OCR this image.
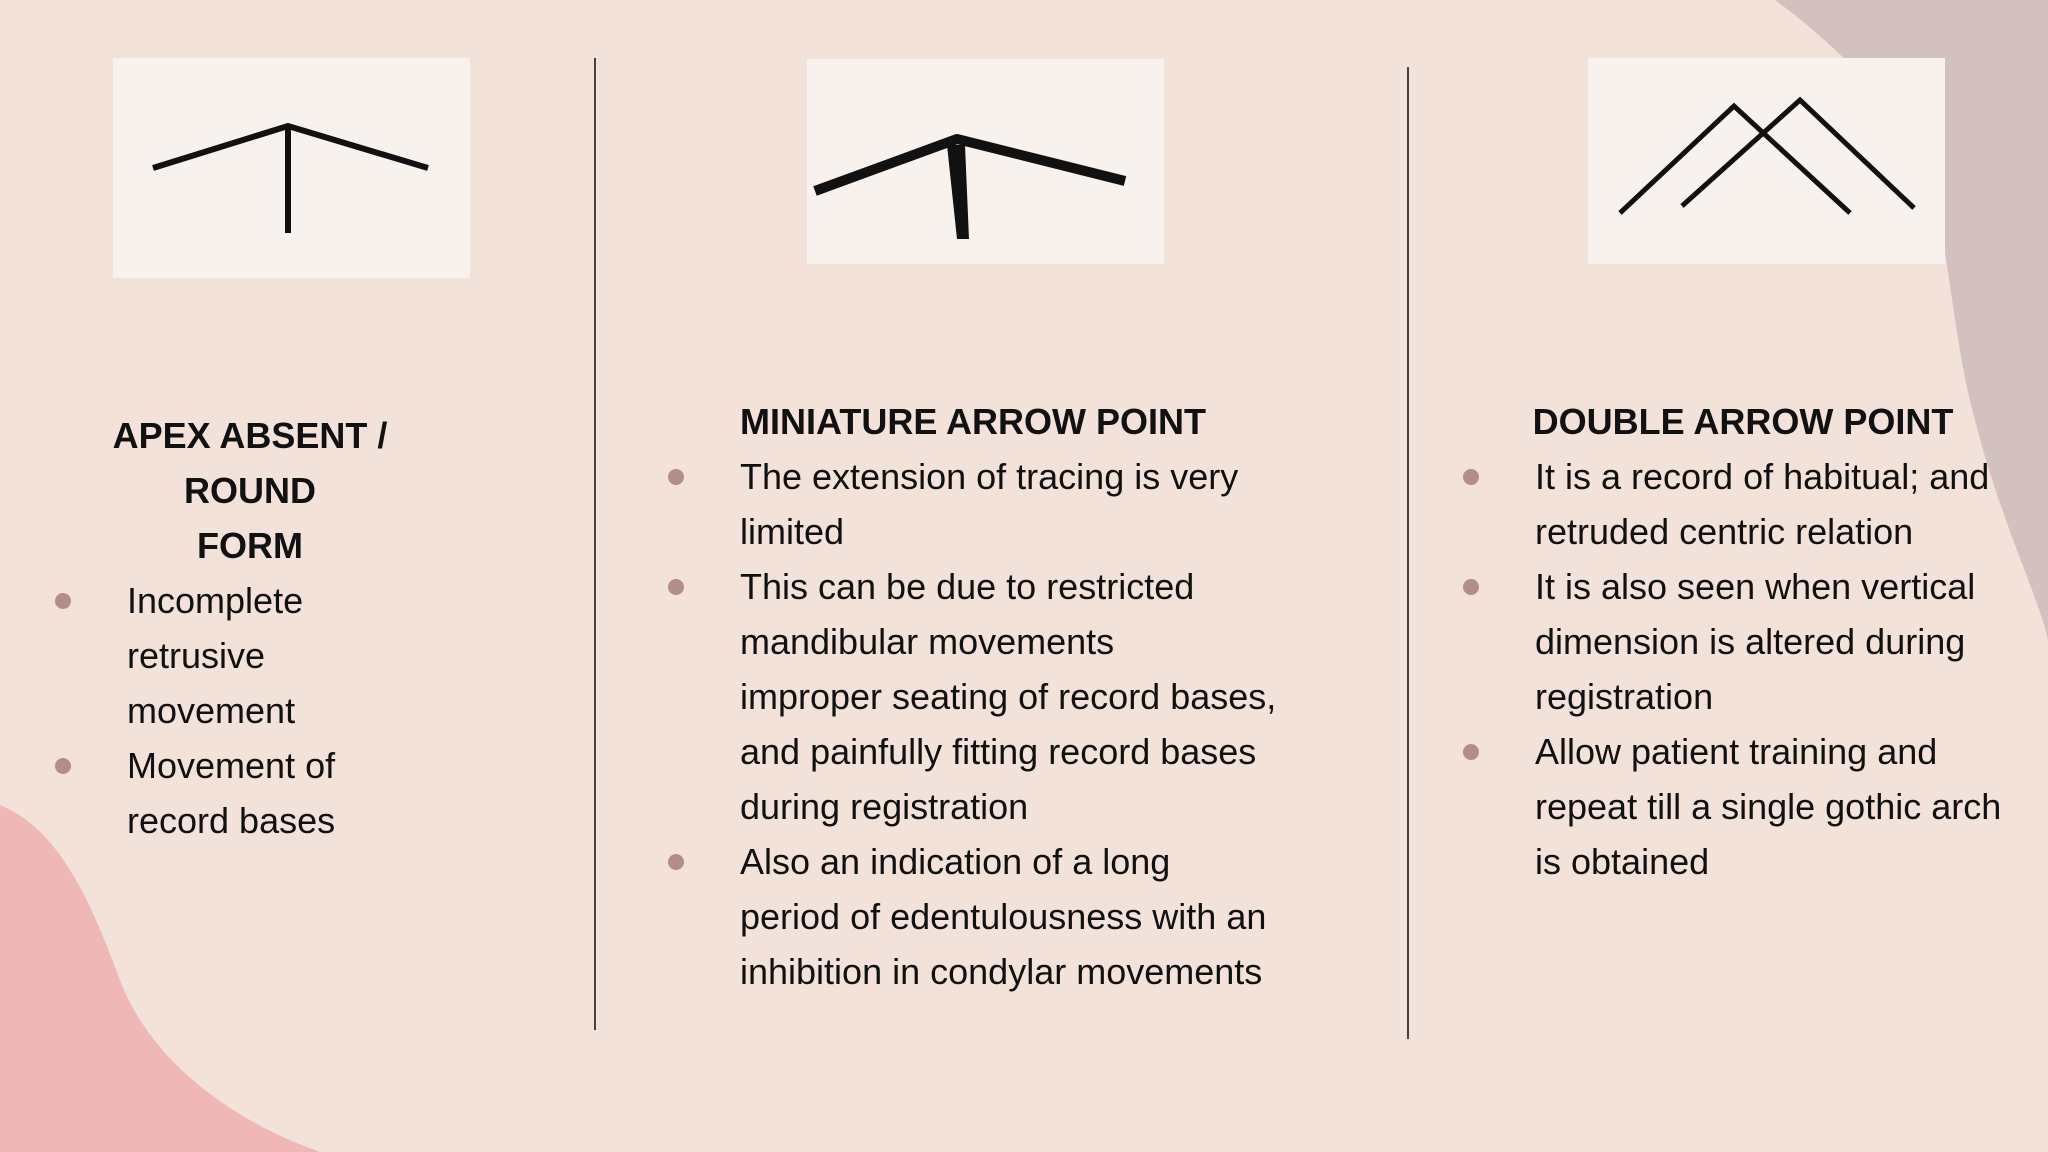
APEX ABSENT / ROUND
FORM
Incomplete
retrusive
movement
Movement of
record bases
MINIATURE ARROW POINT
The extension of tracing is very
limited
This can be due to restricted
mandibular movements
improper seating of record bases,
and painfully fitting record bases
during registration
Also an indication of a long
period of edentulousness with an
inhibition in condylar movements
DOUBLE ARROW POINT
It is a record of habitual; and
retruded centric relation
It is also seen when vertical
dimension is altered during
registration
Allow patient training and
repeat till a single gothic arch
is obtained
